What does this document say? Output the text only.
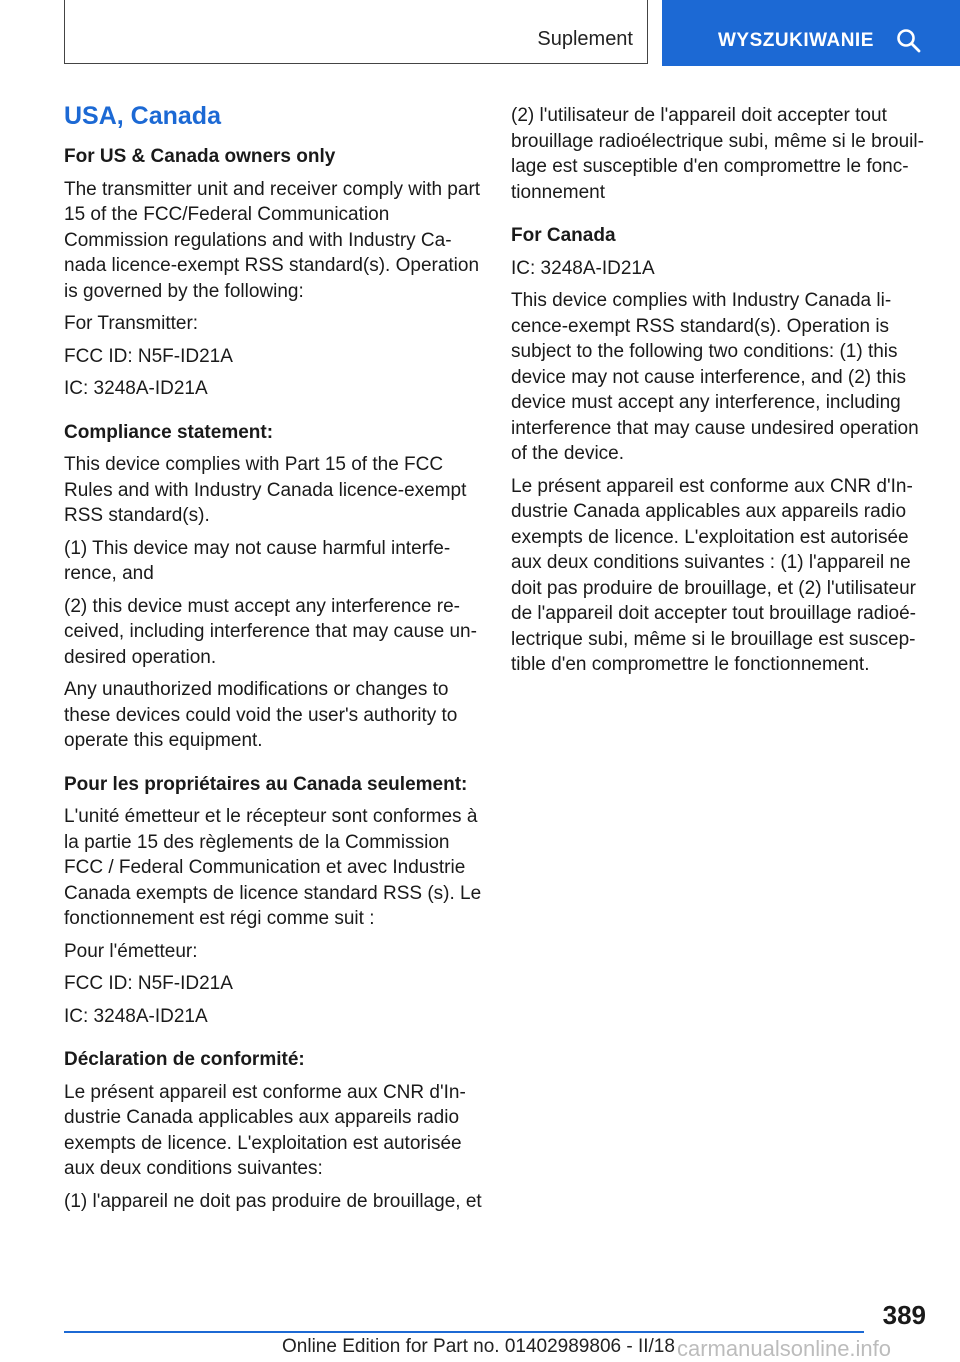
Suplement	WYSZUKIWANIE
USA, Canada
For US & Canada owners only
The transmitter unit and receiver comply with part 15 of the FCC/Federal Communication Commission regulations and with Industry Ca-nada licence-exempt RSS standard(s). Operation is governed by the following:
For Transmitter:
FCC ID: N5F-ID21A
IC: 3248A-ID21A
Compliance statement:
This device complies with Part 15 of the FCC Rules and with Industry Canada licence-exempt RSS standard(s).
(1) This device may not cause harmful interfe-rence, and
(2) this device must accept any interference re-ceived, including interference that may cause un-desired operation.
Any unauthorized modifications or changes to these devices could void the user's authority to operate this equipment.
Pour les propriétaires au Canada seulement:
L'unité émetteur et le récepteur sont conformes à la partie 15 des règlements de la Commission FCC / Federal Communication et avec Industrie Canada exempts de licence standard RSS (s). Le fonctionnement est régi comme suit :
Pour l'émetteur:
FCC ID: N5F-ID21A
IC: 3248A-ID21A
Déclaration de conformité:
Le présent appareil est conforme aux CNR d'In-dustrie Canada applicables aux appareils radio exempts de licence. L'exploitation est autorisée aux deux conditions suivantes:
(1) l'appareil ne doit pas produire de brouillage, et
(2) l'utilisateur de l'appareil doit accepter tout brouillage radioélectrique subi, même si le brouil-lage est susceptible d'en compromettre le fonc-tionnement
For Canada
IC: 3248A-ID21A
This device complies with Industry Canada li-cence-exempt RSS standard(s). Operation is subject to the following two conditions: (1) this device may not cause interference, and (2) this device must accept any interference, including interference that may cause undesired operation of the device.
Le présent appareil est conforme aux CNR d'In-dustrie Canada applicables aux appareils radio exempts de licence. L'exploitation est autorisée aux deux conditions suivantes : (1) l'appareil ne doit pas produire de brouillage, et (2) l'utilisateur de l'appareil doit accepter tout brouillage radioé-lectrique subi, même si le brouillage est suscep-tible d'en compromettre le fonctionnement.
389
Online Edition for Part no. 01402989806 - II/18 carmanualsonline.info
